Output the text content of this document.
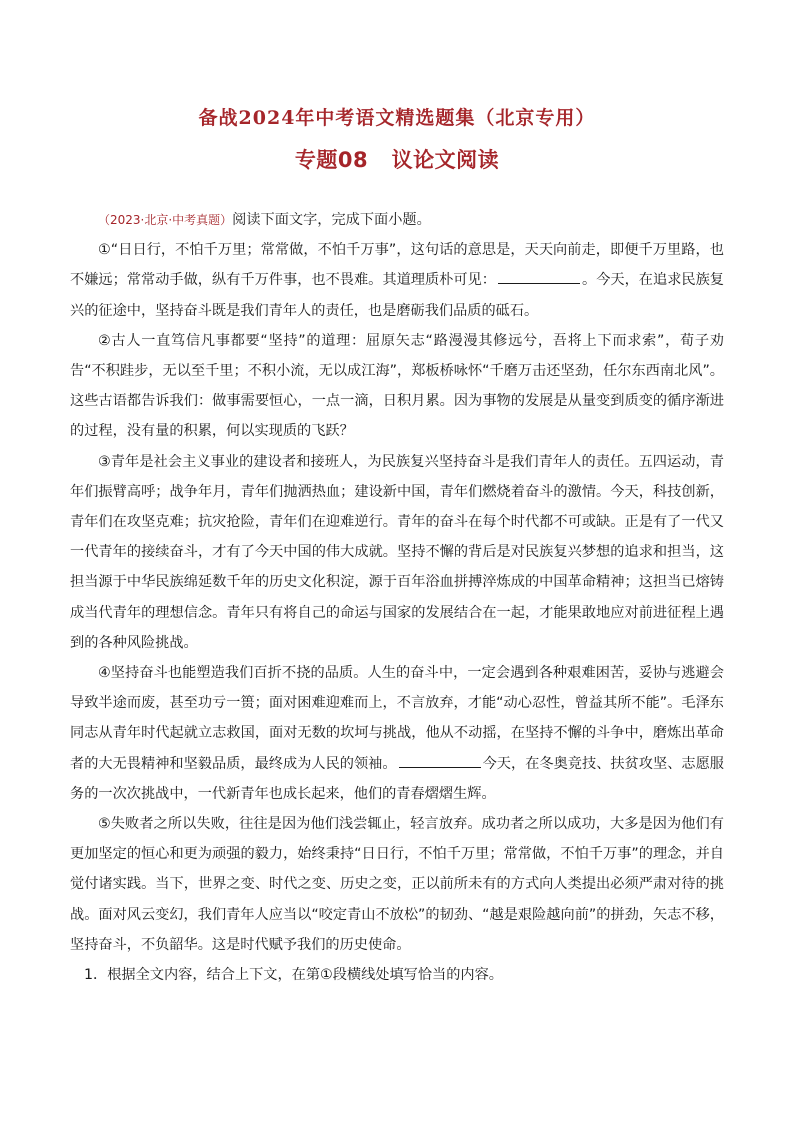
备战2024年中考语文精选题集（北京专用）
专题08   议论文阅读

（2023·北京·中考真题）阅读下面文字，完成下面小题。

①“日日行，不怕千万里；常常做，不怕千万事”，这句话的意思是，天天向前走，即便千万里路，也不嫌远；常常动手做，纵有千万件事，也不畏难。其道理质朴可见：	。今天，在追求民族复兴的征途中，坚持奋斗既是我们青年人的责任，也是磨砺我们品质的砥石。

②古人一直笃信凡事都要“坚持”的道理：屈原矢志“路漫漫其修远兮，吾将上下而求索”，荀子劝告“不积跬步，无以至千里；不积小流，无以成江海”，郑板桥咏怀“千磨万击还坚劲，任尔东西南北风”。这些古语都告诉我们：做事需要恒心，一点一滴，日积月累。因为事物的发展是从量变到质变的循序渐进的过程，没有量的积累，何以实现质的飞跃？

③青年是社会主义事业的建设者和接班人，为民族复兴坚持奋斗是我们青年人的责任。五四运动，青年们振臂高呼；战争年月，青年们抛洒热血；建设新中国，青年们燃烧着奋斗的激情。今天，科技创新，青年们在攻坚克难；抗灾抢险，青年们在迎难逆行。青年的奋斗在每个时代都不可或缺。正是有了一代又一代青年的接续奋斗，才有了今天中国的伟大成就。坚持不懈的背后是对民族复兴梦想的追求和担当，这担当源于中华民族绵延数千年的历史文化积淀，源于百年浴血拼搏淬炼成的中国革命精神；这担当已熔铸成当代青年的理想信念。青年只有将自己的命运与国家的发展结合在一起，才能果敢地应对前进征程上遇到的各种风险挑战。

④坚持奋斗也能塑造我们百折不挠的品质。人生的奋斗中，一定会遇到各种艰难困苦，妥协与逃避会导致半途而废，甚至功亏一篑；面对困难迎难而上，不言放弃，才能“动心忍性，曾益其所不能”。毛泽东同志从青年时代起就立志救国，面对无数的坎坷与挑战，他从不动摇，在坚持不懈的斗争中，磨炼出革命者的大无畏精神和坚毅品质，最终成为人民的领袖。	今天，在冬奥竞技、扶贫攻坚、志愿服务的一次次挑战中，一代新青年也成长起来，他们的青春熠熠生辉。

⑤失败者之所以失败，往往是因为他们浅尝辄止，轻言放弃。成功者之所以成功，大多是因为他们有更加坚定的恒心和更为顽强的毅力，始终秉持“日日行，不怕千万里；常常做，不怕千万事”的理念，并自觉付诸实践。当下，世界之变、时代之变、历史之变，正以前所未有的方式向人类提出必须严肃对待的挑战。面对风云变幻，我们青年人应当以“咬定青山不放松”的韧劲、“越是艰险越向前”的拼劲，矢志不移，坚持奋斗，不负韶华。这是时代赋予我们的历史使命。

1．根据全文内容，结合上下文，在第①段横线处填写恰当的内容。
